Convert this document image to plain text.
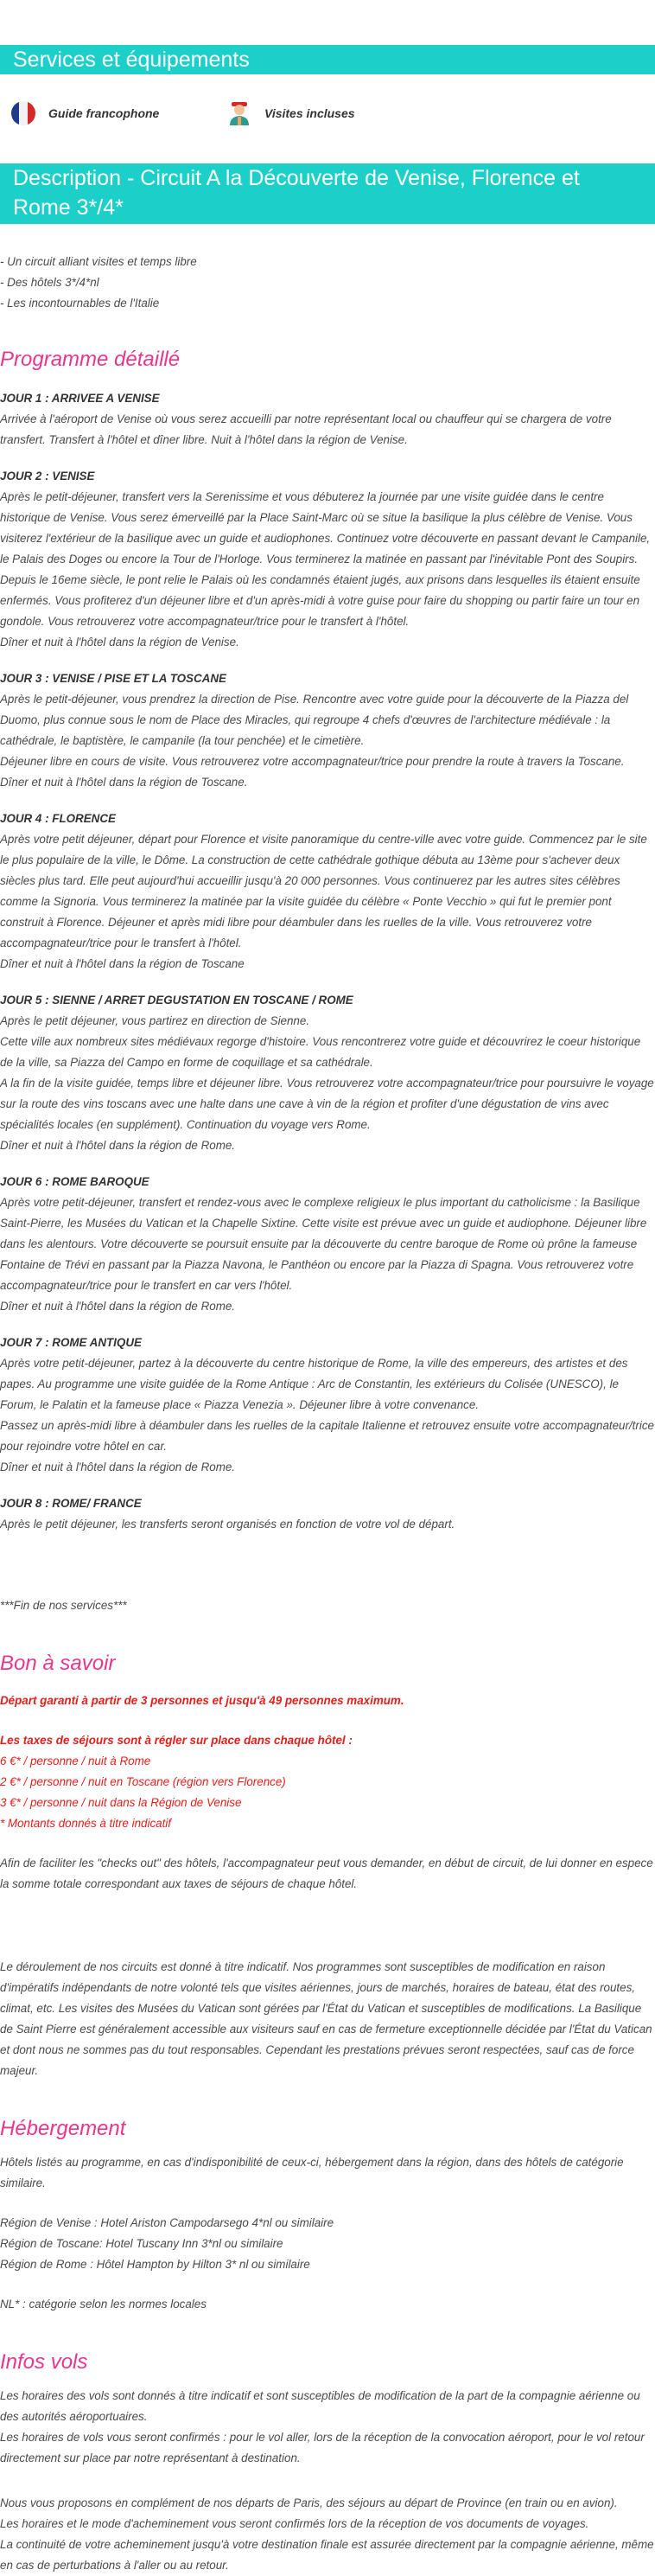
Services et équipements
Guide francophone	Visites incluses
Description - Circuit A la Découverte de Venise, Florence et Rome 3*/4*

- Un circuit alliant visites et temps libre

- Des hôtels 3*/4*nl

- Les incontournables de l'Italie

Programme détaillé
JOUR 1 : ARRIVEE A VENISE

Arrivée à l'aéroport de Venise où vous serez accueilli par notre représentant local ou chauffeur qui se chargera de votre transfert. Transfert à l'hôtel et dîner libre. Nuit à l'hôtel dans la région de Venise.

JOUR 2 : VENISE

Après le petit-déjeuner, transfert vers la Serenissime et vous débuterez la journée par une visite guidée dans le centre historique de Venise. Vous serez émerveillé par la Place Saint-Marc où se situe la basilique la plus célèbre de Venise. Vous visiterez l'extérieur de la basilique avec un guide et audiophones. Continuez votre découverte en passant devant le Campanile, le Palais des Doges ou encore la Tour de l'Horloge. Vous terminerez la matinée en passant par l'inévitable Pont des Soupirs. Depuis le 16eme siècle, le pont relie le Palais où les condamnés étaient jugés, aux prisons dans lesquelles ils étaient ensuite enfermés. Vous profiterez d'un déjeuner libre et d'un après-midi à votre guise pour faire du shopping ou partir faire un tour en gondole. Vous retrouverez votre accompagnateur/trice pour le transfert à l'hôtel.

Dîner et nuit à l'hôtel dans la région de Venise.

JOUR 3 : VENISE / PISE ET LA TOSCANE

Après le petit-déjeuner, vous prendrez la direction de Pise. Rencontre avec votre guide pour la découverte de la Piazza del Duomo, plus connue sous le nom de Place des Miracles, qui regroupe 4 chefs d'œuvres de l'architecture médiévale : la cathédrale, le baptistère, le campanile (la tour penchée) et le cimetière.

Déjeuner libre en cours de visite. Vous retrouverez votre accompagnateur/trice pour prendre la route à travers la Toscane.

Dîner et nuit à l'hôtel dans la région de Toscane.

JOUR 4 : FLORENCE

Après votre petit déjeuner, départ pour Florence et visite panoramique du centre-ville avec votre guide. Commencez par le site le plus populaire de la ville, le Dôme. La construction de cette cathédrale gothique débuta au 13ème pour s'achever deux siècles plus tard. Elle peut aujourd'hui accueillir jusqu'à 20 000 personnes. Vous continuerez par les autres sites célèbres comme la Signoria. Vous terminerez la matinée par la visite guidée du célèbre « Ponte Vecchio » qui fut le premier pont construit à Florence. Déjeuner et après midi libre pour déambuler dans les ruelles de la ville. Vous retrouverez votre accompagnateur/trice pour le transfert à l'hôtel.

Dîner et nuit à l'hôtel dans la région de Toscane

JOUR 5 : SIENNE / ARRET DEGUSTATION EN TOSCANE / ROME

Après le petit déjeuner, vous partirez en direction de Sienne.

Cette ville aux nombreux sites médiévaux regorge d'histoire. Vous rencontrerez votre guide et découvrirez le coeur historique de la ville, sa Piazza del Campo en forme de coquillage et sa cathédrale.

A la fin de la visite guidée, temps libre et déjeuner libre. Vous retrouverez votre accompagnateur/trice pour poursuivre le voyage sur la route des vins toscans avec une halte dans une cave à vin de la région et profiter d'une dégustation de vins avec spécialités locales (en supplément). Continuation du voyage vers Rome.

Dîner et nuit à l'hôtel dans la région de Rome.

JOUR 6 : ROME BAROQUE

Après votre petit-déjeuner, transfert et rendez-vous avec le complexe religieux le plus important du catholicisme : la Basilique Saint-Pierre, les Musées du Vatican et la Chapelle Sixtine. Cette visite est prévue avec un guide et audiophone. Déjeuner libre dans les alentours. Votre découverte se poursuit ensuite par la découverte du centre baroque de Rome où prône la fameuse Fontaine de Trévi en passant par la Piazza Navona, le Panthéon ou encore par la Piazza di Spagna. Vous retrouverez votre accompagnateur/trice pour le transfert en car vers l'hôtel.

Dîner et nuit à l'hôtel dans la région de Rome.

JOUR 7 : ROME ANTIQUE

Après votre petit-déjeuner, partez à la découverte du centre historique de Rome, la ville des empereurs, des artistes et des papes. Au programme une visite guidée de la Rome Antique : Arc de Constantin, les extérieurs du Colisée (UNESCO), le Forum, le Palatin et la fameuse place « Piazza Venezia ». Déjeuner libre à votre convenance.

Passez un après-midi libre à déambuler dans les ruelles de la capitale Italienne et retrouvez ensuite votre accompagnateur/trice pour rejoindre votre hôtel en car.

Dîner et nuit à l'hôtel dans la région de Rome.

JOUR 8 : ROME/ FRANCE

Après le petit déjeuner, les transferts seront organisés en fonction de votre vol de départ.

***Fin de nos services***

Bon à savoir

Départ garanti à partir de 3 personnes et jusqu'à 49 personnes maximum.

Les taxes de séjours sont à régler sur place dans chaque hôtel :

6 €* / personne / nuit à Rome

2 €* / personne / nuit en Toscane (région vers Florence)

3 €* / personne / nuit dans la Région de Venise

* Montants donnés à titre indicatif

Afin de faciliter les "checks out" des hôtels, l'accompagnateur peut vous demander, en début de circuit, de lui donner en espece la somme totale correspondant aux taxes de séjours de chaque hôtel.

Le déroulement de nos circuits est donné à titre indicatif. Nos programmes sont susceptibles de modification en raison d'impératifs indépendants de notre volonté tels que visites aériennes, jours de marchés, horaires de bateau, état des routes, climat, etc. Les visites des Musées du Vatican sont gérées par l'État du Vatican et susceptibles de modifications. La Basilique de Saint Pierre est généralement accessible aux visiteurs sauf en cas de fermeture exceptionnelle décidée par l'État du Vatican et dont nous ne sommes pas du tout responsables. Cependant les prestations prévues seront respectées, sauf cas de force majeur.

Hébergement

Hôtels listés au programme, en cas d'indisponibilité de ceux-ci, hébergement dans la région, dans des hôtels de catégorie similaire.

Région de Venise : Hotel Ariston Campodarsego 4*nl ou similaire

Région de Toscane: Hotel Tuscany Inn 3*nl ou similaire

Région de Rome : Hôtel Hampton by Hilton 3* nl ou similaire

NL* : catégorie selon les normes locales

Infos vols

Les horaires des vols sont donnés à titre indicatif et sont susceptibles de modification de la part de la compagnie aérienne ou des autorités aéroportuaires.

Les horaires de vols vous seront confirmés : pour le vol aller, lors de la réception de la convocation aéroport, pour le vol retour directement sur place par notre représentant à destination.

Nous vous proposons en complément de nos départs de Paris, des séjours au départ de Province (en train ou en avion).

Les horaires et le mode d'acheminement vous seront confirmés lors de la réception de vos documents de voyages.

La continuité de votre acheminement jusqu'à votre destination finale est assurée directement par la compagnie aérienne, même en cas de perturbations à l'aller ou au retour.
